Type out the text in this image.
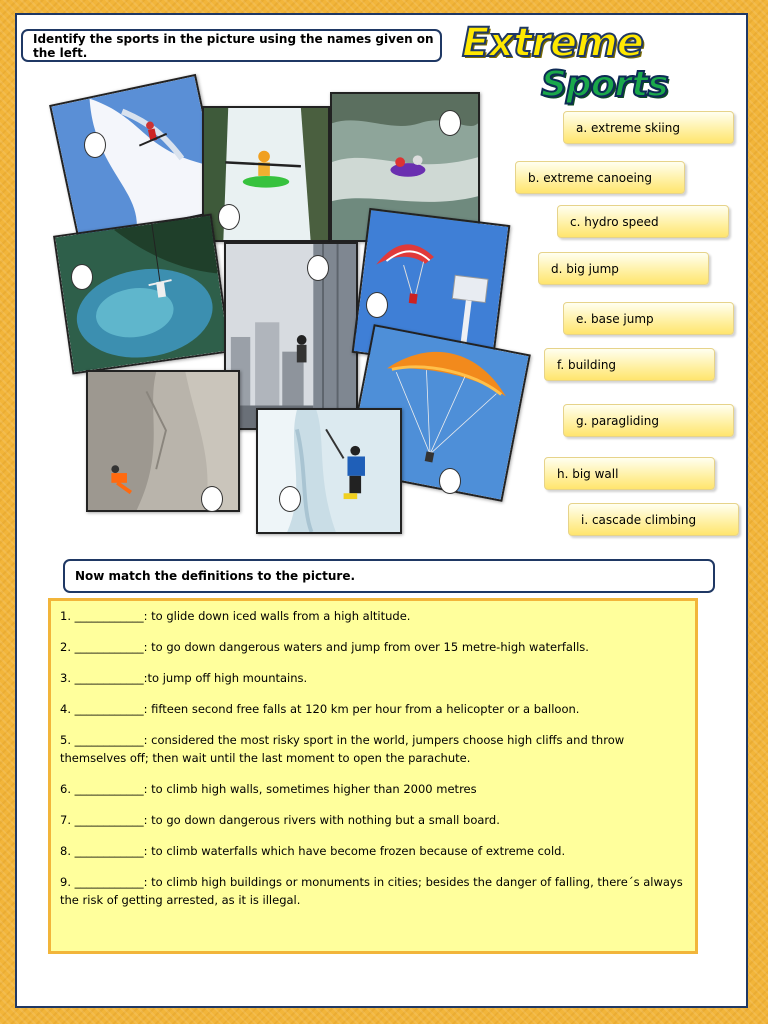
Identify the sports in the picture using the names given on the left.	Extreme
Sports
a. extreme skiing
b. extreme canoeing
c. hydro speed
d. big jump
e. base jump
f. building
g. paragliding
h. big wall
i. cascade climbing
Now match the definitions to the picture.
1. ____________: to glide down iced walls from a high altitude.
2. ____________: to go down dangerous waters and jump from over 15 metre-high waterfalls.
3. ____________:to jump off high mountains.
4. ____________: fifteen second free falls at 120 km per hour from a helicopter or a balloon.
5. ____________: considered the most risky sport in the world, jumpers choose high cliffs and throw themselves off; then wait until the last moment to open the parachute.
6. ____________: to climb high walls, sometimes higher than 2000 metres
7. ____________: to go down dangerous rivers with nothing but a small board.
8. ____________: to climb waterfalls which have become frozen because of extreme cold.
9. ____________: to climb high buildings or monuments in cities; besides the danger of falling, there´s always the risk of getting arrested, as it is illegal.
